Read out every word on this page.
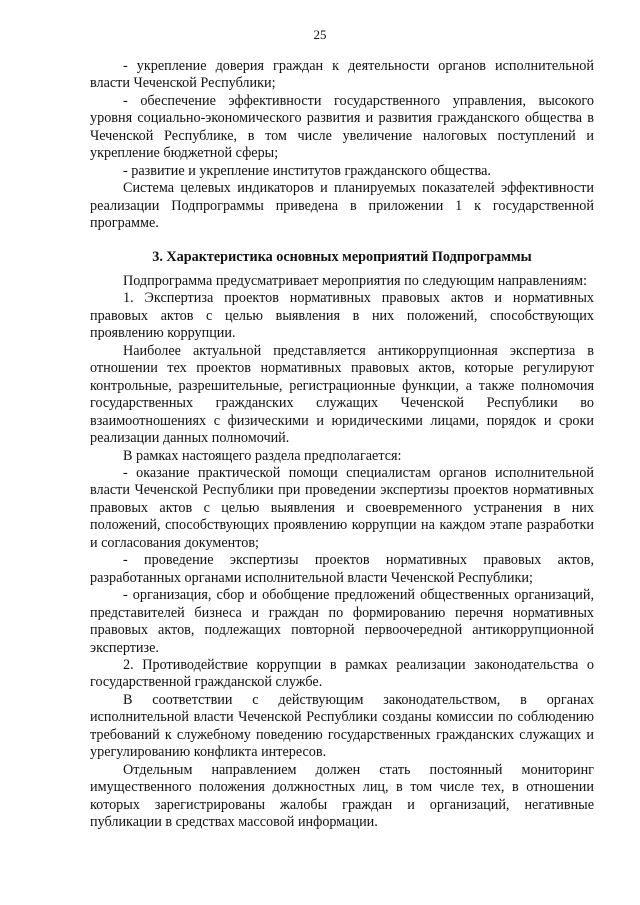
25

- укрепление доверия граждан к деятельности органов исполнительной власти Чеченской Республики;

- обеспечение эффективности государственного управления, высокого уровня социально-экономического развития и развития гражданского общества в Чеченской Республике, в том числе увеличение налоговых поступлений и укрепление бюджетной сферы;

- развитие и укрепление институтов гражданского общества.

Система целевых индикаторов и планируемых показателей эффективности реализации Подпрограммы приведена в приложении 1 к государственной программе.

3. Характеристика основных мероприятий Подпрограммы

Подпрограмма предусматривает мероприятия по следующим направлениям:

1. Экспертиза проектов нормативных правовых актов и нормативных правовых актов с целью выявления в них положений, способствующих проявлению коррупции.

Наиболее актуальной представляется антикоррупционная экспертиза в отношении тех проектов нормативных правовых актов, которые регулируют контрольные, разрешительные, регистрационные функции, а также полномочия государственных гражданских служащих Чеченской Республики во взаимоотношениях с физическими и юридическими лицами, порядок и сроки реализации данных полномочий.

В рамках настоящего раздела предполагается:

- оказание практической помощи специалистам органов исполнительной власти Чеченской Республики при проведении экспертизы проектов нормативных правовых актов с целью выявления и своевременного устранения в них положений, способствующих проявлению коррупции на каждом этапе разработки и согласования документов;

- проведение экспертизы проектов нормативных правовых актов, разработанных органами исполнительной власти Чеченской Республики;

- организация, сбор и обобщение предложений общественных организаций, представителей бизнеса и граждан по формированию перечня нормативных правовых актов, подлежащих повторной первоочередной антикоррупционной экспертизе.

2. Противодействие коррупции в рамках реализации законодательства о государственной гражданской службе.

В соответствии с действующим законодательством, в органах исполнительной власти Чеченской Республики созданы комиссии по соблюдению требований к служебному поведению государственных гражданских служащих и урегулированию конфликта интересов.

Отдельным направлением должен стать постоянный мониторинг имущественного положения должностных лиц, в том числе тех, в отношении которых зарегистрированы жалобы граждан и организаций, негативные публикации в средствах массовой информации.
